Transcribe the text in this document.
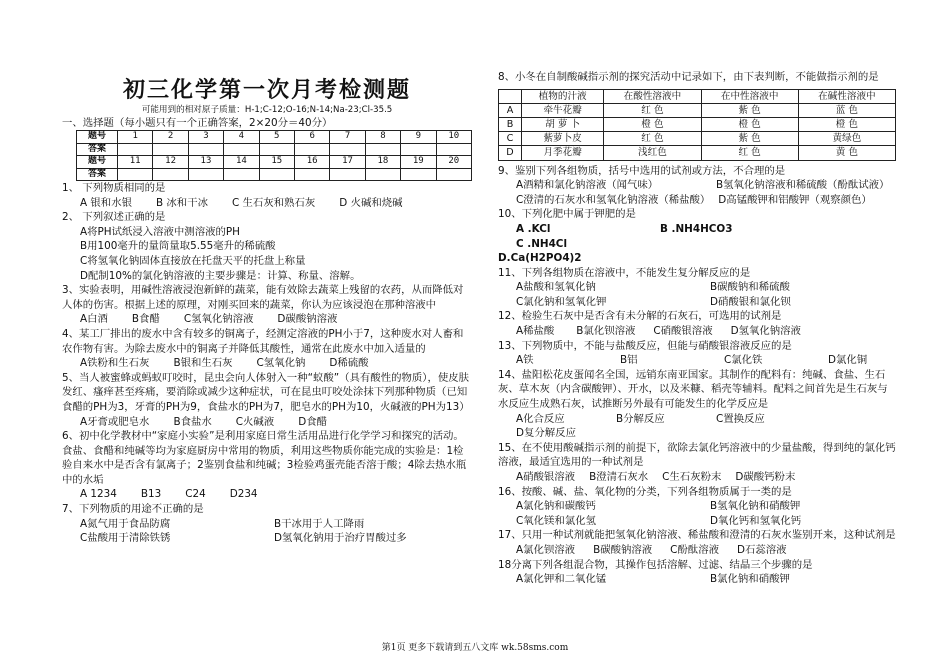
初三化学第一次月考检测题
可能用到的相对原子质量：H-1;C-12;O-16;N-14;Na-23;Cl-35.5
一、选择题（每小题只有一个正确答案，2×20分＝40分）
题号	1	2	3	4	5	6	7	8	9	10
答案										
题号	11	12	13	14	15	16	17	18	19	20
答案										
1、 下列物质相同的是
A 银和水银 B 冰和干冰 C 生石灰和熟石灰 D 火碱和烧碱
2、 下列叙述正确的是
A将PH试纸浸入溶液中测溶液的PH
B用100毫升的量筒量取5.55毫升的稀硫酸
C将氢氧化钠固体直接放在托盘天平的托盘上称量
D配制10%的氯化钠溶液的主要步骤是：计算、称量、溶解。
3、实验表明，用碱性溶液浸泡新鲜的蔬菜，能有效除去蔬菜上残留的农药，从而降低对人体的伤害。根据上述的原理，对刚买回来的蔬菜，你认为应该浸泡在那种溶液中
A白酒 B食醋 C氢氧化钠溶液 D碳酸钠溶液
4、某工厂排出的废水中含有较多的铜离子，经测定溶液的PH小于7，这种废水对人畜和农作物有害。为除去废水中的铜离子并降低其酸性，通常在此废水中加入适量的
A铁粉和生石灰 B银和生石灰 C氢氧化钠 D稀硫酸
5、当人被蜜蜂或蚂蚁叮咬时，昆虫会向人体射入一种“蚁酸”（具有酸性的物质），使皮肤发红、瘙痒甚至疼痛，要消除或减少这种症状，可在昆虫叮咬处涂抹下列那种物质（已知食醋的PH为3，牙膏的PH为9，食盐水的PH为7，肥皂水的PH为10，火碱液的PH为13）
A牙膏或肥皂水 B食盐水 C火碱液 D食醋
6、初中化学教材中“家庭小实验”是利用家庭日常生活用品进行化学学习和探究的活动。食盐、食醋和纯碱等均为家庭厨房中常用的物质，利用这些物质你能完成的实验是：1检验自来水中是否含有氯离子；2鉴别食盐和纯碱；3检验鸡蛋壳能否溶于酸；4除去热水瓶中的水垢
A 1234 B13 C24 D234
7、下列物质的用途不正确的是
A氮气用于食品防腐	B干冰用于人工降雨
C盐酸用于清除铁锈	D氢氧化钠用于治疗胃酸过多
8、小冬在自制酸碱指示剂的探究活动中记录如下，由下表判断，不能做指示剂的是
	植物的汁液	在酸性溶液中	在中性溶液中	在碱性溶液中
A	牵牛花瓣	红 色	紫 色	蓝 色
B	胡 萝 卜	橙 色	橙 色	橙 色
C	紫萝卜皮	红 色	紫 色	黄绿色
D	月季花瓣	浅红色	红 色	黄 色
9、鉴别下列各组物质，括号中选用的试剂或方法，不合理的是
A酒精和氯化钠溶液（闻气味）	B氢氧化钠溶液和稀硫酸（酚酞试液）
C澄清的石灰水和氢氧化钠溶液（稀盐酸） D高锰酸钾和铝酸钾（观察颜色）
10、下列化肥中属于钾肥的是
A .KCl	B .NH4HCO3
C .NH4Cl
D.Ca(H2PO4)2
11、下列各组物质在溶液中，不能发生复分解反应的是
A盐酸和氢氧化钠	B碳酸钠和稀硫酸
C氯化钠和氢氧化钾	D硝酸银和氯化钡
12、检验生石灰中是否含有未分解的石灰石，可选用的试剂是
A稀盐酸 B氯化钡溶液 C硝酸银溶液 D氢氧化钠溶液
13、下列物质中，不能与盐酸反应，但能与硝酸银溶液反应的是
A铁	B铝	C氯化铁	D氯化铜
14、盐阳松花皮蛋闻名全国，远销东南亚国家。其制作的配料有：纯碱、食盐、生石灰、草木灰（内含碳酸钾）、开水，以及米糠、稻壳等辅料。配料之间首先是生石灰与水反应生成熟石灰，试推断另外最有可能发生的化学反应是
A化合反应	B分解反应	C置换反应
D复分解反应
15、在不使用酸碱指示剂的前提下，欲除去氯化钙溶液中的少量盐酸，得到纯的氯化钙溶液，最适宜选用的一种试剂是
A硝酸银溶液 B澄清石灰水 C生石灰粉末 D碳酸钙粉末
16、按酸、碱、盐、氧化物的分类，下列各组物质属于一类的是
A氯化钠和碳酸钙	B氢氧化钠和硝酸钾
C氧化镁和氯化氢	D氧化钙和氢氧化钙
17、只用一种试剂就能把氢氧化钠溶液、稀盐酸和澄清的石灰水鉴别开来，这种试剂是
A氯化钡溶液 B碳酸钠溶液 C酚酞溶液 D石蕊溶液
18分离下列各组混合物，其操作包括溶解、过滤、结晶三个步骤的是
A氯化钾和二氧化锰	B氯化钠和硝酸钾
第1页 更多下载请到五八文库 wk.58sms.com
